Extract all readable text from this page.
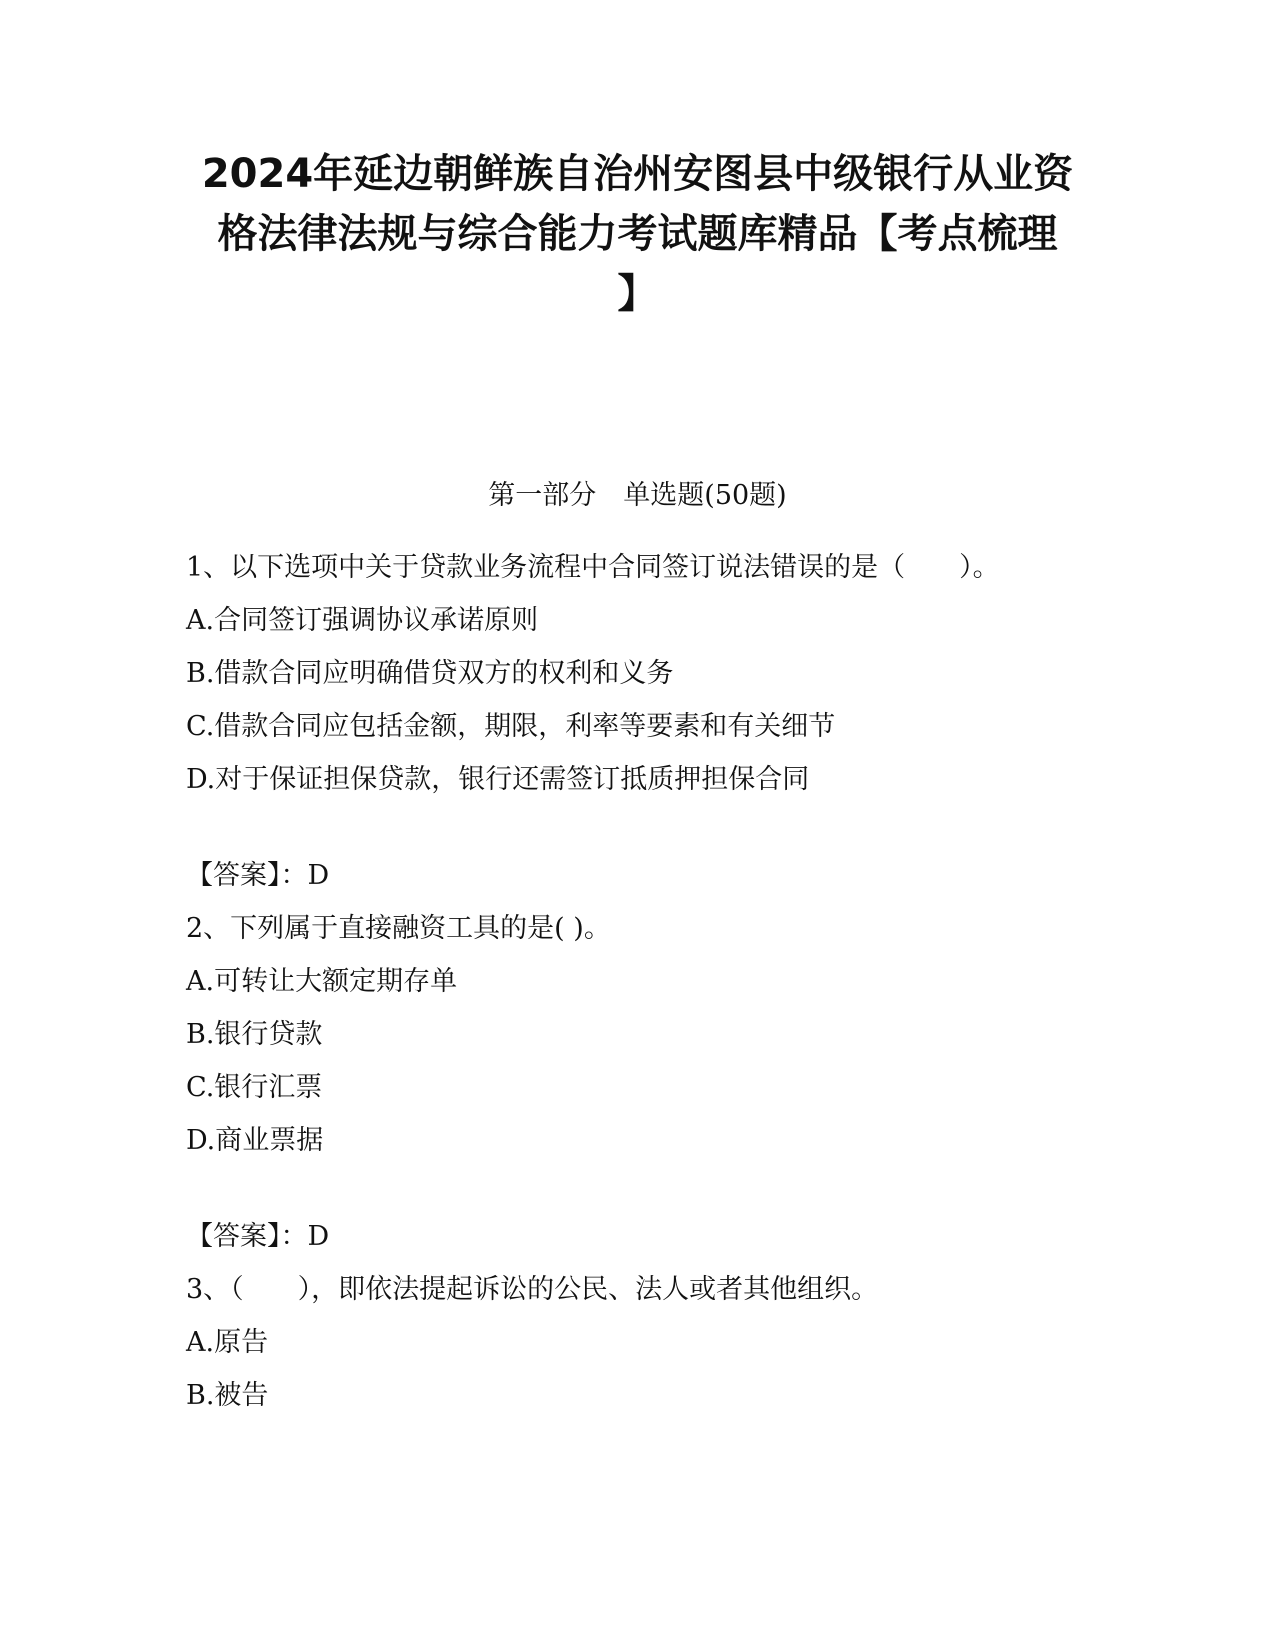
2024年延边朝鲜族自治州安图县中级银行从业资
格法律法规与综合能力考试题库精品【考点梳理
】
第一部分　单选题(50题)
1、以下选项中关于贷款业务流程中合同签订说法错误的是（　　）。
A.合同签订强调协议承诺原则
B.借款合同应明确借贷双方的权利和义务
C.借款合同应包括金额，期限，利率等要素和有关细节
D.对于保证担保贷款，银行还需签订抵质押担保合同
【答案】：D
2、下列属于直接融资工具的是( )。
A.可转让大额定期存单
B.银行贷款
C.银行汇票
D.商业票据
【答案】：D
3、（　　），即依法提起诉讼的公民、法人或者其他组织。
A.原告
B.被告
